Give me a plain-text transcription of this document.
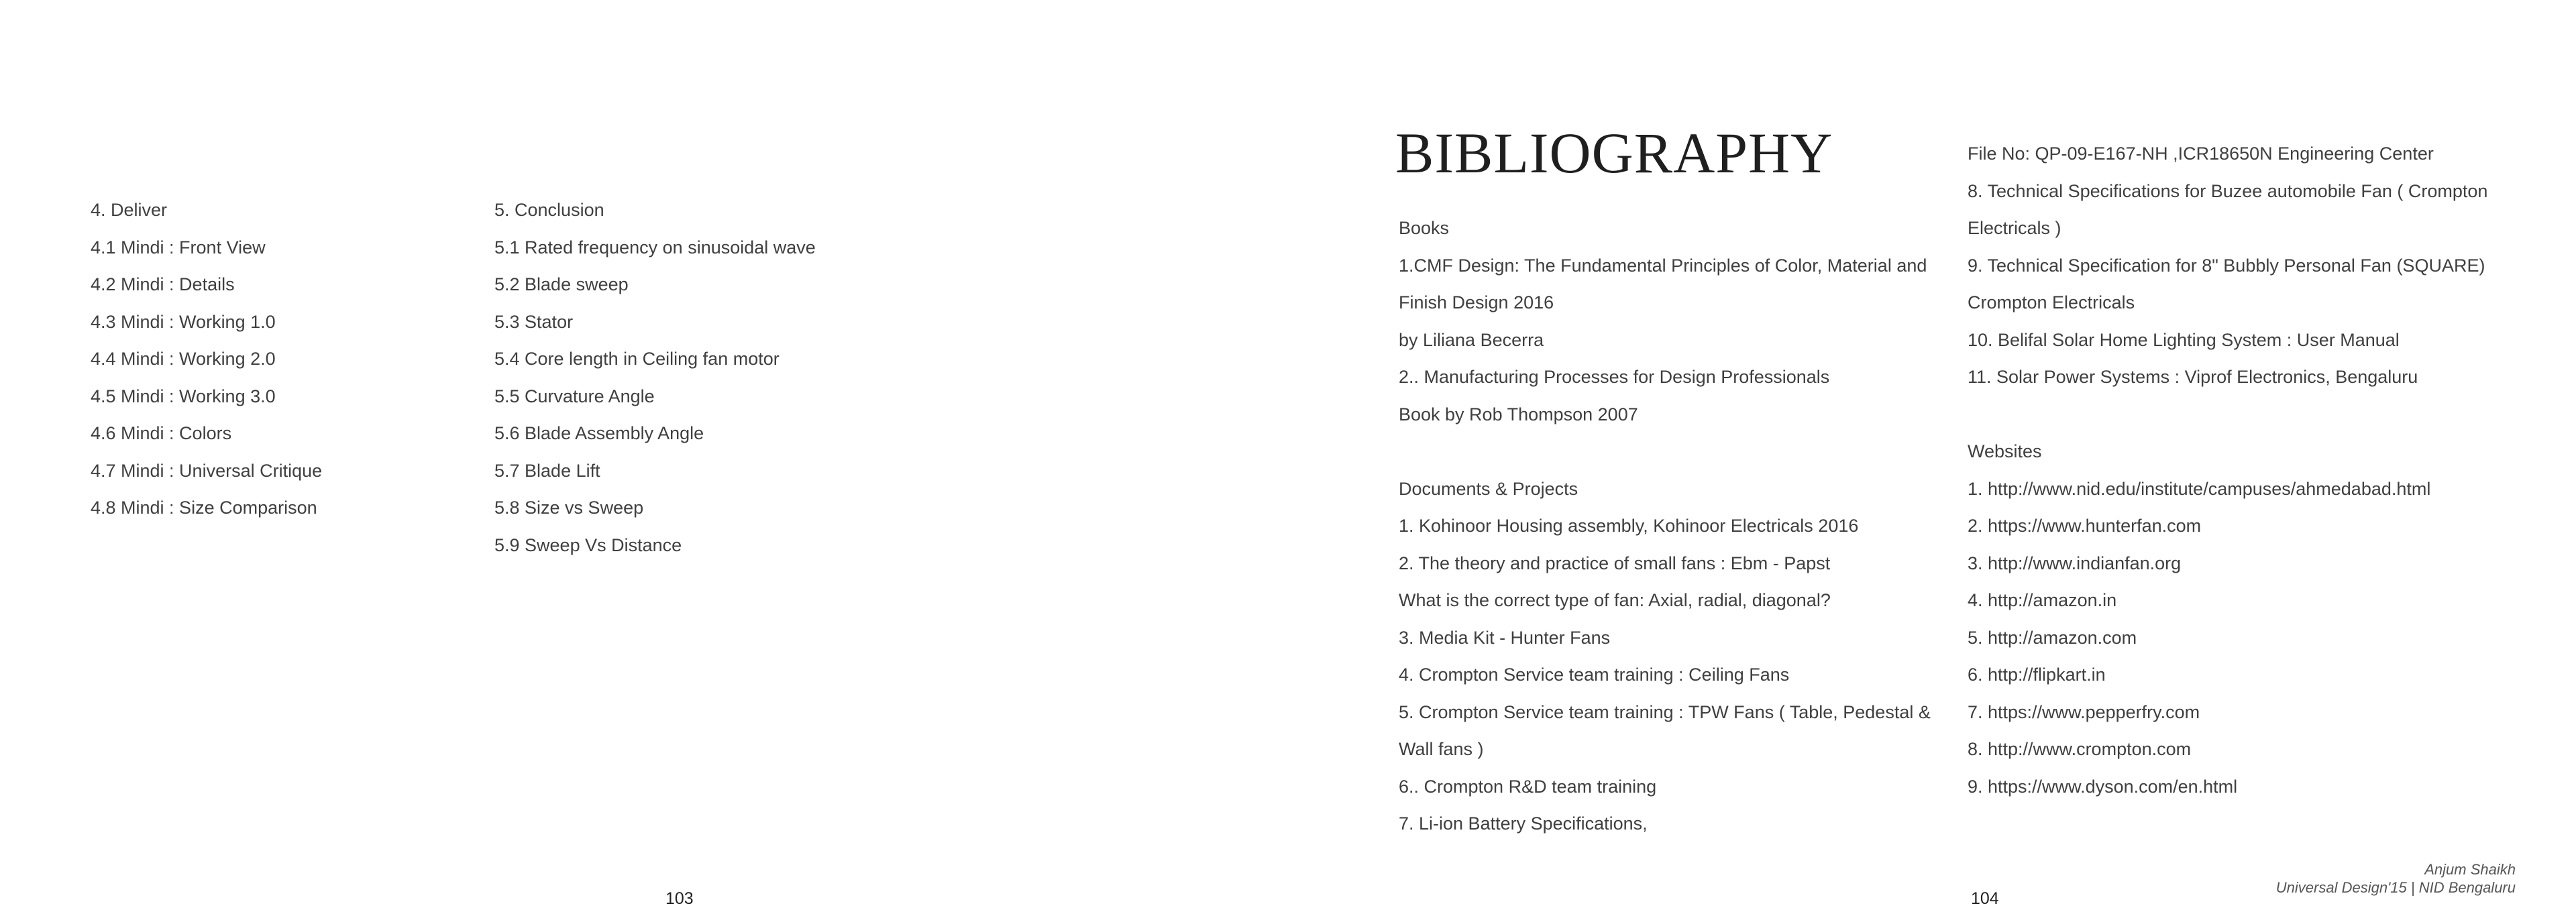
4. Deliver
4.1 Mindi : Front View
4.2 Mindi : Details
4.3 Mindi : Working 1.0
4.4 Mindi : Working 2.0
4.5 Mindi : Working 3.0
4.6 Mindi : Colors
4.7 Mindi : Universal Critique
4.8 Mindi : Size Comparison
5. Conclusion
5.1 Rated frequency on sinusoidal wave
5.2 Blade sweep
5.3 Stator
5.4 Core length in Ceiling fan motor
5.5 Curvature Angle
5.6 Blade Assembly Angle
5.7 Blade Lift
5.8 Size vs Sweep
5.9 Sweep Vs Distance
103
BIBLIOGRAPHY
Books
1.CMF Design: The Fundamental Principles of Color, Material and
Finish Design 2016
by Liliana Becerra
2.. Manufacturing Processes for Design Professionals
Book by Rob Thompson 2007
Documents & Projects
1. Kohinoor Housing assembly, Kohinoor Electricals 2016
2. The theory and practice of small fans : Ebm - Papst
What is the correct type of fan: Axial, radial, diagonal?
3. Media Kit - Hunter Fans
4. Crompton Service team training : Ceiling Fans
5. Crompton Service team training : TPW Fans ( Table, Pedestal &
Wall fans )
6.. Crompton R&D team training
7. Li-ion Battery Specifications,
File No: QP-09-E167-NH ,ICR18650N Engineering Center
8. Technical Specifications for Buzee automobile Fan ( Crompton
Electricals )
9. Technical Specification for 8" Bubbly Personal Fan (SQUARE)
Crompton Electricals
10. Belifal Solar Home Lighting System : User Manual
11. Solar Power Systems : Viprof Electronics, Bengaluru
Websites
1. http://www.nid.edu/institute/campuses/ahmedabad.html
2. https://www.hunterfan.com
3. http://www.indianfan.org
4. http://amazon.in
5. http://amazon.com
6. http://flipkart.in
7. https://www.pepperfry.com
8. http://www.crompton.com
9. https://www.dyson.com/en.html
Anjum Shaikh
Universal Design'15 | NID Bengaluru
104
